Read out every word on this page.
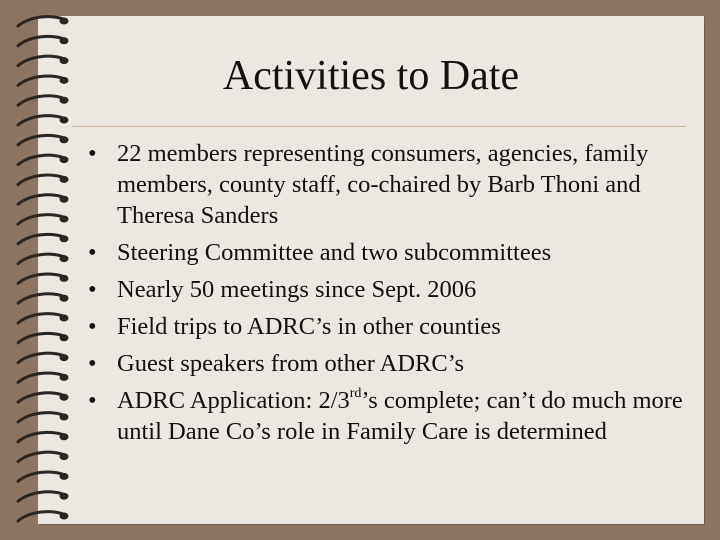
Activities to Date
• 22 members representing consumers, agencies, family members, county staff, co-chaired by Barb Thoni and Theresa Sanders
• Steering Committee and two subcommittees
• Nearly 50 meetings since Sept. 2006
• Field trips to ADRC’s in other counties
• Guest speakers from other ADRC’s
• ADRC Application: 2/3rd’s complete; can’t do much more until Dane Co’s role in Family Care is determined
